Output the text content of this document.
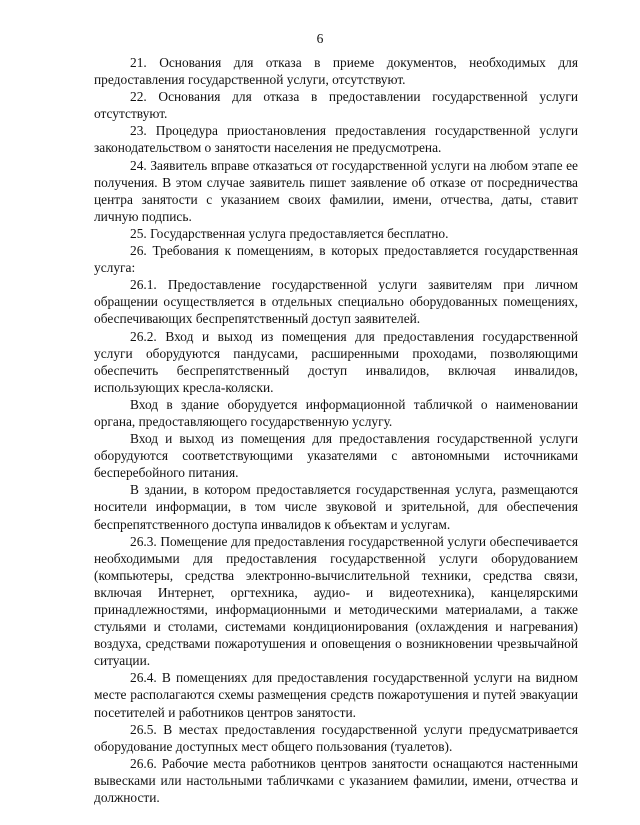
6

21. Основания для отказа в приеме документов, необходимых для предоставления государственной услуги, отсутствуют.

22. Основания для отказа в предоставлении государственной услуги отсутствуют.

23. Процедура приостановления предоставления государственной услуги законодательством о занятости населения не предусмотрена.

24. Заявитель вправе отказаться от государственной услуги на любом этапе ее получения. В этом случае заявитель пишет заявление об отказе от посредничества центра занятости с указанием своих фамилии, имени, отчества, даты, ставит личную подпись.

25. Государственная услуга предоставляется бесплатно.

26. Требования к помещениям, в которых предоставляется государственная услуга:

26.1. Предоставление государственной услуги заявителям при личном обращении осуществляется в отдельных специально оборудованных помещениях, обеспечивающих беспрепятственный доступ заявителей.

26.2. Вход и выход из помещения для предоставления государственной услуги оборудуются пандусами, расширенными проходами, позволяющими обеспечить беспрепятственный доступ инвалидов, включая инвалидов, использующих кресла-коляски.

Вход в здание оборудуется информационной табличкой о наименовании органа, предоставляющего государственную услугу.

Вход и выход из помещения для предоставления государственной услуги оборудуются соответствующими указателями с автономными источниками бесперебойного питания.

В здании, в котором предоставляется государственная услуга, размещаются носители информации, в том числе звуковой и зрительной, для обеспечения беспрепятственного доступа инвалидов к объектам и услугам.

26.3. Помещение для предоставления государственной услуги обеспечивается необходимыми для предоставления государственной услуги оборудованием (компьютеры, средства электронно-вычислительной техники, средства связи, включая Интернет, оргтехника, аудио- и видеотехника), канцелярскими принадлежностями, информационными и методическими материалами, а также стульями и столами, системами кондиционирования (охлаждения и нагревания) воздуха, средствами пожаротушения и оповещения о возникновении чрезвычайной ситуации.

26.4. В помещениях для предоставления государственной услуги на видном месте располагаются схемы размещения средств пожаротушения и путей эвакуации посетителей и работников центров занятости.

26.5. В местах предоставления государственной услуги предусматривается оборудование доступных мест общего пользования (туалетов).

26.6. Рабочие места работников центров занятости оснащаются настенными вывесками или настольными табличками с указанием фамилии, имени, отчества и должности.
